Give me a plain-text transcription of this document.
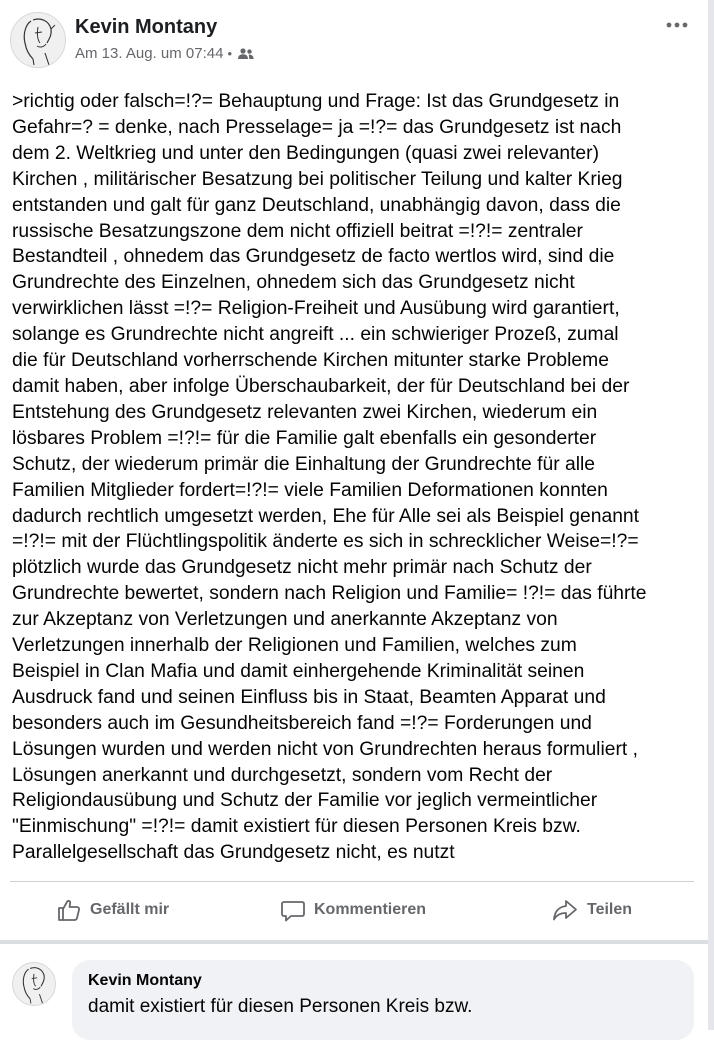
Kevin Montany
Am 13. Aug. um 07:44 •
>richtig oder falsch=!?= Behauptung und Frage: Ist das Grundgesetz in
Gefahr=? = denke, nach Presselage= ja =!?= das Grundgesetz ist nach
dem 2. Weltkrieg und unter den Bedingungen (quasi zwei relevanter)
Kirchen , militärischer Besatzung bei politischer Teilung und kalter Krieg
entstanden und galt für ganz Deutschland, unabhängig davon, dass die
russische Besatzungszone dem nicht offiziell beitrat =!?!= zentraler
Bestandteil , ohnedem das Grundgesetz de facto wertlos wird, sind die
Grundrechte des Einzelnen, ohnedem sich das Grundgesetz nicht
verwirklichen lässt =!?= Religion-Freiheit und Ausübung wird garantiert,
solange es Grundrechte nicht angreift ... ein schwieriger Prozeß, zumal
die für Deutschland vorherrschende Kirchen mitunter starke Probleme
damit haben, aber infolge Überschaubarkeit, der für Deutschland bei der
Entstehung des Grundgesetz relevanten zwei Kirchen, wiederum ein
lösbares Problem =!?!= für die Familie galt ebenfalls ein gesonderter
Schutz, der wiederum primär die Einhaltung der Grundrechte für alle
Familien Mitglieder fordert=!?!= viele Familien Deformationen konnten
dadurch rechtlich umgesetzt werden, Ehe für Alle sei als Beispiel genannt
=!?!= mit der Flüchtlingspolitik änderte es sich in schrecklicher Weise=!?=
plötzlich wurde das Grundgesetz nicht mehr primär nach Schutz der
Grundrechte bewertet, sondern nach Religion und Familie= !?!= das führte
zur Akzeptanz von Verletzungen und anerkannte Akzeptanz von
Verletzungen innerhalb der Religionen und Familien, welches zum
Beispiel in Clan Mafia und damit einhergehende Kriminalität seinen
Ausdruck fand und seinen Einfluss bis in Staat, Beamten Apparat und
besonders auch im Gesundheitsbereich fand =!?= Forderungen und
Lösungen wurden und werden nicht von Grundrechten heraus formuliert ,
Lösungen anerkannt und durchgesetzt, sondern vom Recht der
Religiondausübung und Schutz der Familie vor jeglich vermeintlicher
"Einmischung" =!?!= damit existiert für diesen Personen Kreis bzw.
Parallelgesellschaft das Grundgesetz nicht, es nutzt
Gefällt mir	Kommentieren	Teilen
Kevin Montany
damit existiert für diesen Personen Kreis bzw.
